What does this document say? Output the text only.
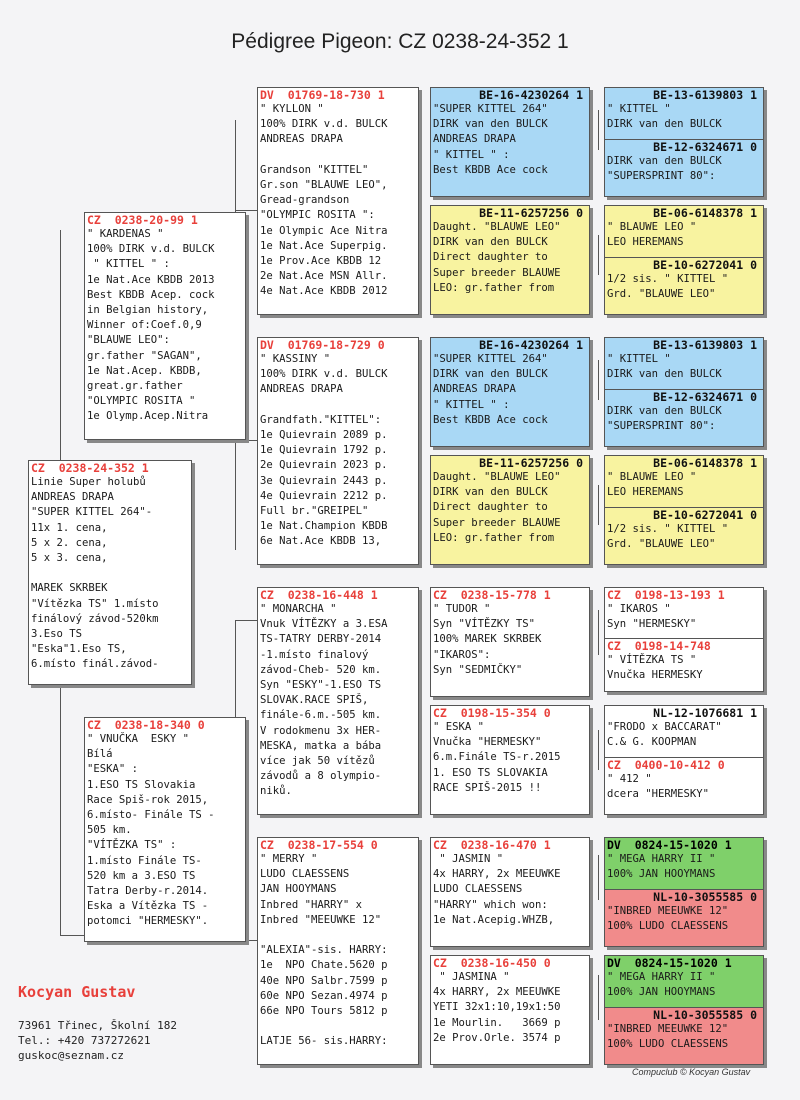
Pédigree Pigeon: CZ 0238-24-352 1
CZ  0238-24-352 1
Linie Super holubů
ANDREAS DRAPA
"SUPER KITTEL 264"-
11x 1. cena,
5 x 2. cena,
5 x 3. cena,

MAREK SKRBEK
"Vítězka TS" 1.místo
finálový závod-520km
3.Eso TS
"Eska"1.Eso TS,
6.místo finál.závod-
CZ  0238-20-99 1
" KARDENAS "
100% DIRK v.d. BULCK
" KITTEL " :
1e Nat.Ace KBDB 2013
Best KBDB Acep. cock
in Belgian history,
Winner of:Coef.0,9
"BLAUWE LEO":
gr.father "SAGAN",
1e Nat.Acep. KBDB,
great.gr.father
"OLYMPIC ROSITA "
1e Olymp.Acep.Nitra
CZ  0238-18-340 0
" VNUČKA  ESKY "
Bílá
"ESKA" :
1.ESO TS Slovakia
Race Spiš-rok 2015,
6.místo- Finále TS -
505 km.
"VÍTĚZKA TS" :
1.místo Finále TS-
520 km a 3.ESO TS
Tatra Derby-r.2014.
Eska a Vítězka TS -
potomci "HERMESKY".
DV  01769-18-730 1
" KYLLON "
100% DIRK v.d. BULCK
ANDREAS DRAPA

Grandson "KITTEL"
Gr.son "BLAUWE LEO",
Gread-grandson
"OLYMPIC ROSITA ":
1e Olympic Ace Nitra
1e Nat.Ace Superpig.
1e Prov.Ace KBDB 12
2e Nat.Ace MSN Allr.
4e Nat.Ace KBDB 2012
DV  01769-18-729 0
" KASSINY "
100% DIRK v.d. BULCK
ANDREAS DRAPA

Grandfath."KITTEL":
1e Quievrain 2089 p.
1e Quievrain 1792 p.
2e Quievrain 2023 p.
3e Quievrain 2443 p.
4e Quievrain 2212 p.
Full br."GREIPEL"
1e Nat.Champion KBDB
6e Nat.Ace KBDB 13,
CZ  0238-16-448 1
" MONARCHA "
Vnuk VÍTĚZKY a 3.ESA
TS-TATRY DERBY-2014
-1.místo finalový
závod-Cheb- 520 km.
Syn "ESKY"-1.ESO TS
SLOVAK.RACE SPIŠ,
finále-6.m.-505 km.
V rodokmenu 3x HER-
MESKA, matka a bába
více jak 50 vítězů
závodů a 8 olympio-
niků.
CZ  0238-17-554 0
" MERRY "
LUDO CLAESSENS
JAN HOOYMANS
Inbred "HARRY" x
Inbred "MEEUWKE 12"

"ALEXIA"-sis. HARRY:
1e  NPO Chate.5620 p
40e NPO Salbr.7599 p
60e NPO Sezan.4974 p
66e NPO Tours 5812 p

LATJE 56- sis.HARRY:
BE-16-4230264 1
"SUPER KITTEL 264"
DIRK van den BULCK
ANDREAS DRAPA
" KITTEL " :
Best KBDB Ace cock
BE-11-6257256 0
Daught. "BLAUWE LEO"
DIRK van den BULCK
Direct daughter to
Super breeder BLAUWE
LEO: gr.father from
BE-16-4230264 1
"SUPER KITTEL 264"
DIRK van den BULCK
ANDREAS DRAPA
" KITTEL " :
Best KBDB Ace cock
BE-11-6257256 0
Daught. "BLAUWE LEO"
DIRK van den BULCK
Direct daughter to
Super breeder BLAUWE
LEO: gr.father from
CZ  0238-15-778 1
" TUDOR "
Syn "VÍTĚZKY TS"
100% MAREK SKRBEK
"IKAROS":
Syn "SEDMIČKY"
CZ  0198-15-354 0
" ESKA "
Vnučka "HERMESKY"
6.m.Finále TS-r.2015
1. ESO TS SLOVAKIA
RACE SPIŠ-2015 !!
CZ  0238-16-470 1
" JASMIN "
4x HARRY, 2x MEEUWKE
LUDO CLAESSENS
"HARRY" which won:
1e Nat.Acepig.WHZB,
CZ  0238-16-450 0
" JASMINA "
4x HARRY, 2x MEEUWKE
YETI 32x1:10,19x1:50
1e Mourlin.   3669 p
2e Prov.Orle. 3574 p
BE-13-6139803 1
" KITTEL "
DIRK van den BULCK
BE-12-6324671 0
DIRK van den BULCK
"SUPERSPRINT 80":
BE-06-6148378 1
" BLAUWE LEO "
LEO HEREMANS
BE-10-6272041 0
1/2 sis. " KITTEL "
Grd. "BLAUWE LEO"
BE-13-6139803 1
" KITTEL "
DIRK van den BULCK
BE-12-6324671 0
DIRK van den BULCK
"SUPERSPRINT 80":
BE-06-6148378 1
" BLAUWE LEO "
LEO HEREMANS
BE-10-6272041 0
1/2 sis. " KITTEL "
Grd. "BLAUWE LEO"
CZ  0198-13-193 1
" IKAROS "
Syn "HERMESKY"
CZ  0198-14-748
" VÍTĚZKA TS "
Vnučka HERMESKY
NL-12-1076681 1
"FRODO x BACCARAT"
C.& G. KOOPMAN
CZ  0400-10-412 0
" 412 "
dcera "HERMESKY"
DV  0824-15-1020 1
" MEGA HARRY II "
100% JAN HOOYMANS
NL-10-3055585 0
"INBRED MEEUWKE 12"
100% LUDO CLAESSENS
DV  0824-15-1020 1
" MEGA HARRY II "
100% JAN HOOYMANS
NL-10-3055585 0
"INBRED MEEUWKE 12"
100% LUDO CLAESSENS
Kocyan Gustav
73961 Třinec, Školní 182
Tel.: +420 737272621
guskoc@seznam.cz
Compuclub © Kocyan Gustav
